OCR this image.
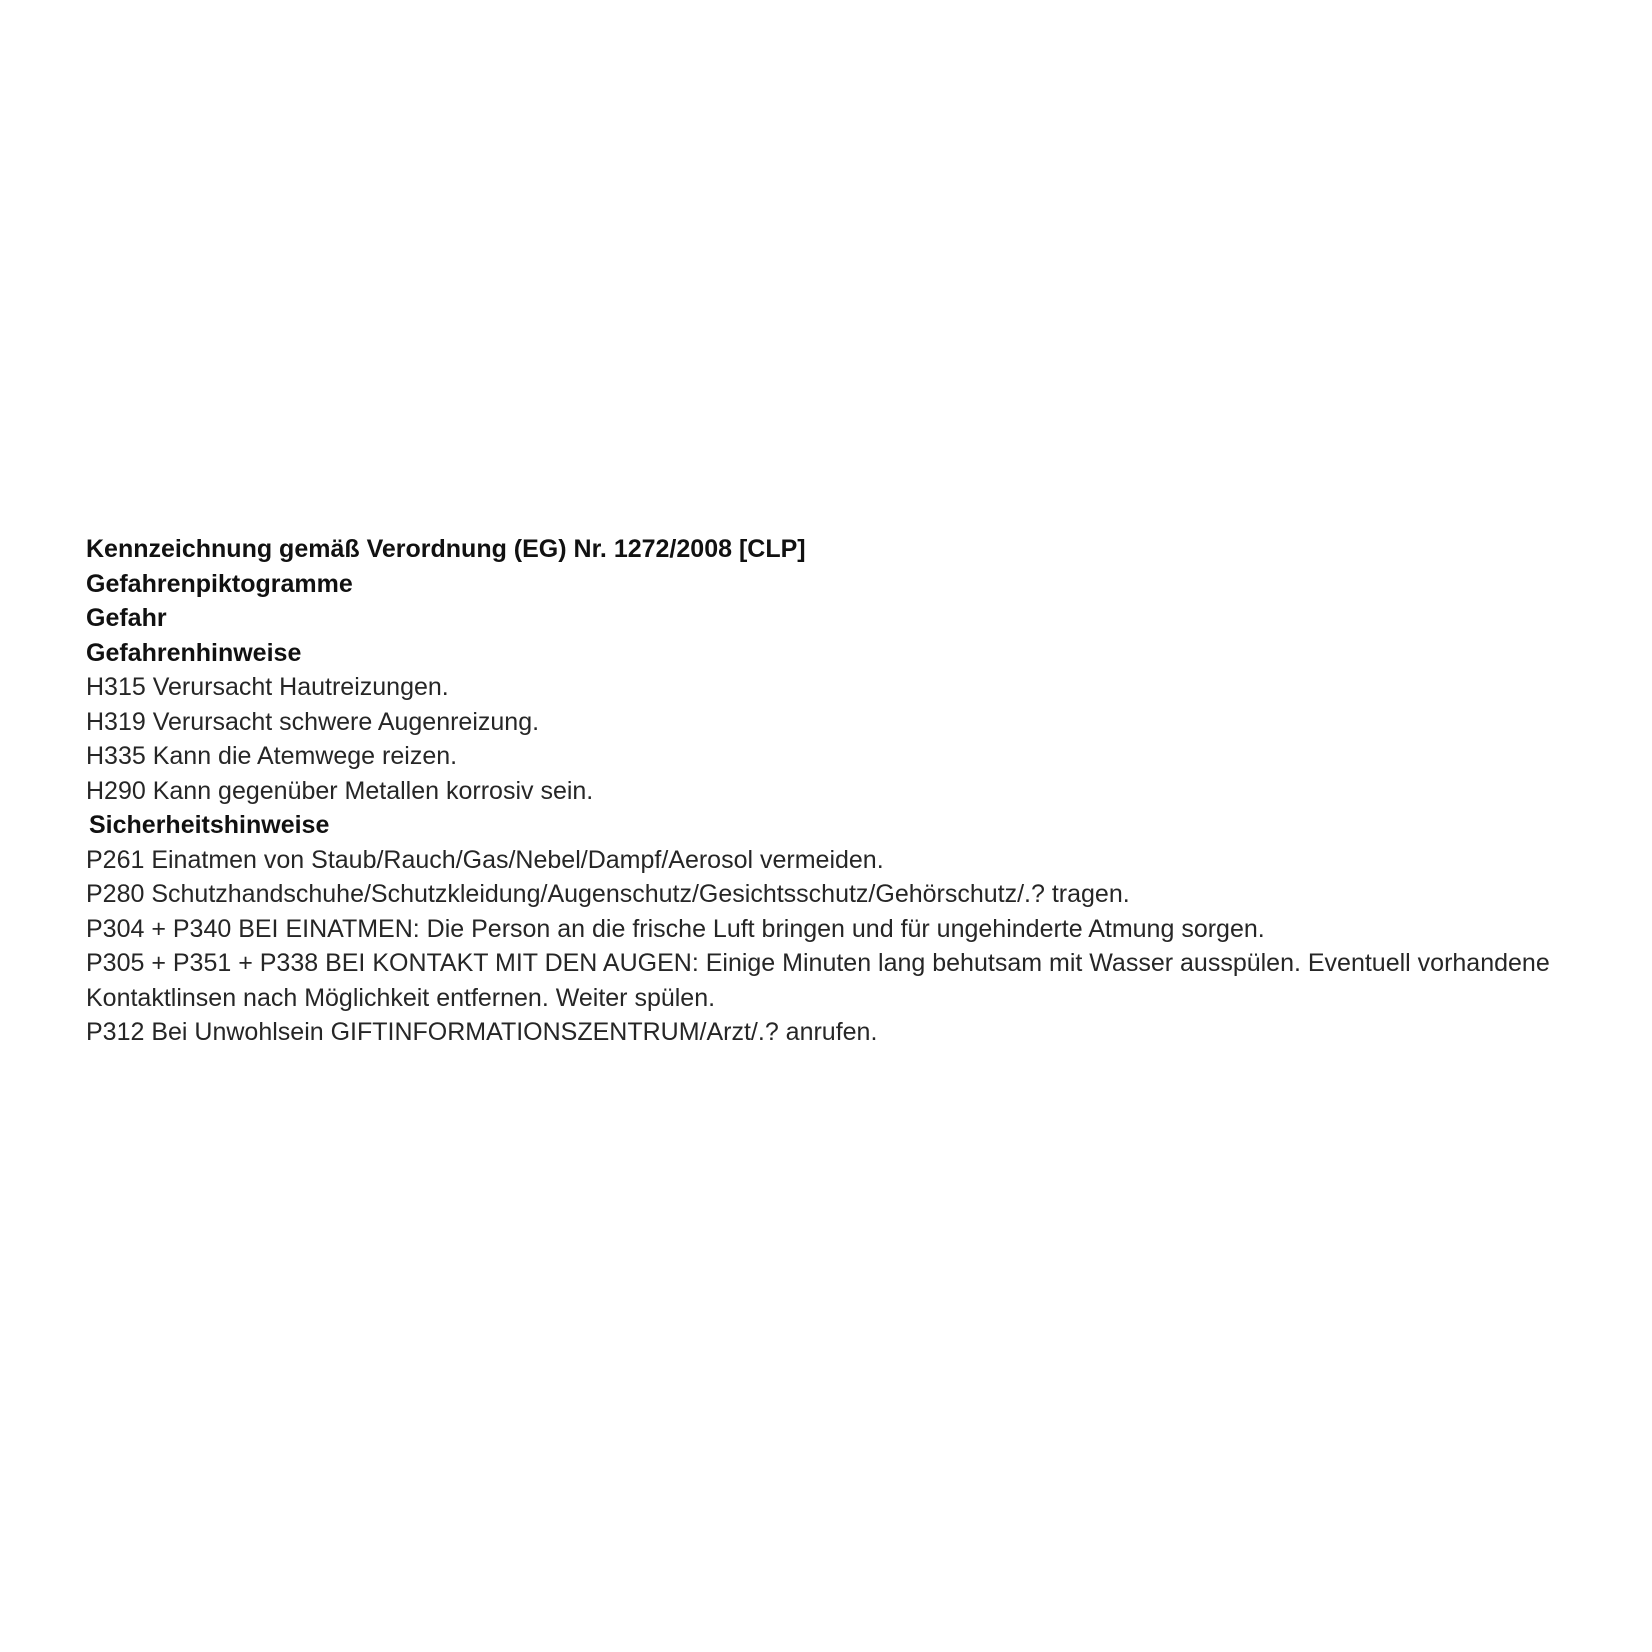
Kennzeichnung gemäß Verordnung (EG) Nr. 1272/2008 [CLP]
Gefahrenpiktogramme
Gefahr
Gefahrenhinweise
H315 Verursacht Hautreizungen.
H319 Verursacht schwere Augenreizung.
H335 Kann die Atemwege reizen.
H290 Kann gegenüber Metallen korrosiv sein.
Sicherheitshinweise
P261 Einatmen von Staub/Rauch/Gas/Nebel/Dampf/Aerosol vermeiden.
P280 Schutzhandschuhe/Schutzkleidung/Augenschutz/Gesichtsschutz/Gehörschutz/.? tragen.
P304 + P340 BEI EINATMEN: Die Person an die frische Luft bringen und für ungehinderte Atmung sorgen.
P305 + P351 + P338 BEI KONTAKT MIT DEN AUGEN: Einige Minuten lang behutsam mit Wasser ausspülen. Eventuell vorhandene Kontaktlinsen nach Möglichkeit entfernen. Weiter spülen.
P312 Bei Unwohlsein GIFTINFORMATIONSZENTRUM/Arzt/.? anrufen.
